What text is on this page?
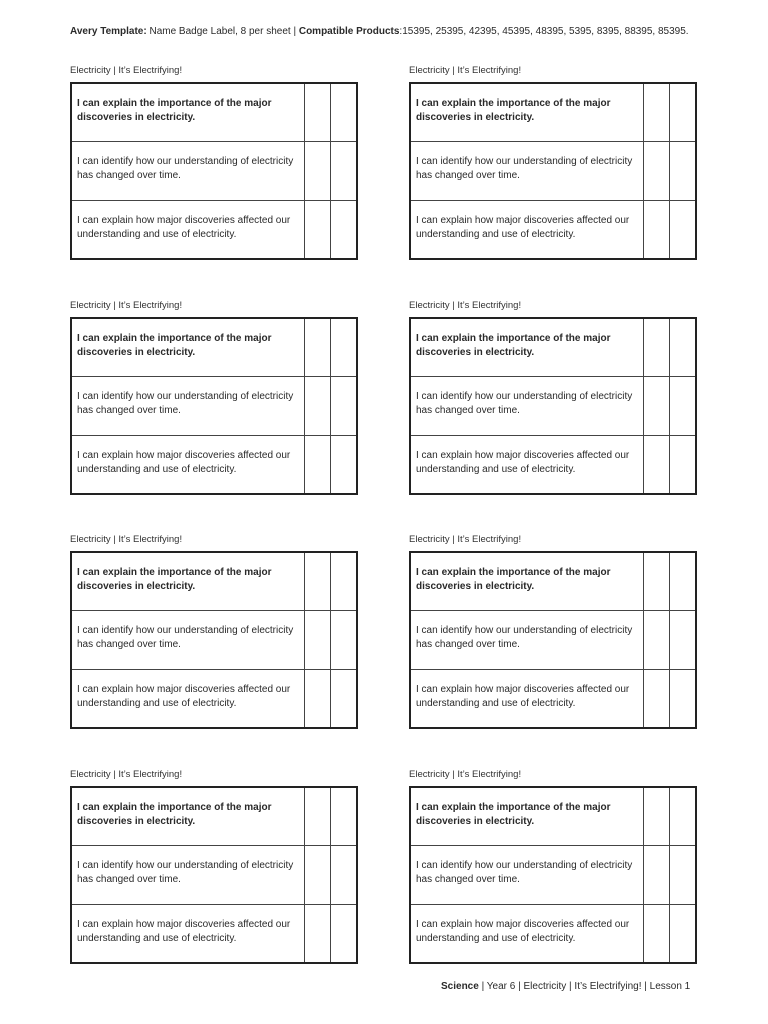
Avery Template: Name Badge Label, 8 per sheet | Compatible Products:15395, 25395, 42395, 45395, 48395, 5395, 8395, 88395, 85395.
Electricity | It’s Electrifying!
I can explain the importance of the major discoveries in electricity.
I can identify how our understanding of electricity has changed over time.
I can explain how major discoveries affected our understanding and use of electricity.
Electricity | It’s Electrifying!
I can explain the importance of the major discoveries in electricity.
I can identify how our understanding of electricity has changed over time.
I can explain how major discoveries affected our understanding and use of electricity.
Electricity | It’s Electrifying!
I can explain the importance of the major discoveries in electricity.
I can identify how our understanding of electricity has changed over time.
I can explain how major discoveries affected our understanding and use of electricity.
Electricity | It’s Electrifying!
I can explain the importance of the major discoveries in electricity.
I can identify how our understanding of electricity has changed over time.
I can explain how major discoveries affected our understanding and use of electricity.
Electricity | It’s Electrifying!
I can explain the importance of the major discoveries in electricity.
I can identify how our understanding of electricity has changed over time.
I can explain how major discoveries affected our understanding and use of electricity.
Electricity | It’s Electrifying!
I can explain the importance of the major discoveries in electricity.
I can identify how our understanding of electricity has changed over time.
I can explain how major discoveries affected our understanding and use of electricity.
Electricity | It’s Electrifying!
I can explain the importance of the major discoveries in electricity.
I can identify how our understanding of electricity has changed over time.
I can explain how major discoveries affected our understanding and use of electricity.
Electricity | It’s Electrifying!
I can explain the importance of the major discoveries in electricity.
I can identify how our understanding of electricity has changed over time.
I can explain how major discoveries affected our understanding and use of electricity.
Science | Year 6 | Electricity | It’s Electrifying! | Lesson 1
